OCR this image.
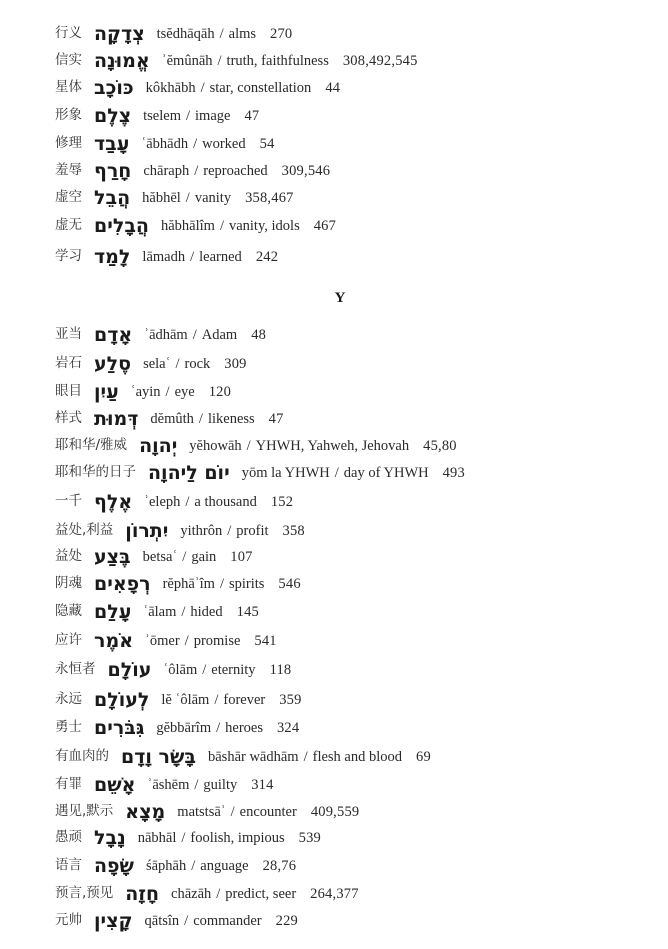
Y
行义 צְדָקָה tsĕdhāqāh / alms 270
信实 אֱמוּנָה ʾĕmûnāh / truth, faithfulness 308,492,545
星体 כּוֹכָב kôkhābh / star, constellation 44
形象 צֶלֶם tselem / image 47
修理 עָבַד ʿābhādh / worked 54
羞辱 חָרַף chāraph / reproached 309,546
虚空 הֲבֵל hăbhēl / vanity 358,467
虚无 הֲבָלִים hăbhālîm / vanity, idols 467
学习 לָמַד lāmadh / learned 242
亚当 אָדָם ʾādhām / Adam 48
岩石 סֶלַע selaʿ / rock 309
眼目 עַיִן ʿayin / eye 120
样式 דְּמוּת dĕmûth / likeness 47
耶和华/雅威 יְהוָה yĕhowāh / YHWH, Yahweh, Jehovah 45,80
耶和华的日子 יוֹם לַיהוָה yōm la YHWH / day of YHWH 493
一千 אֶלֶף ʾeleph / a thousand 152
益处,利益 יִתְרוֹן yithrôn / profit 358
益处 בֶּצַע betsaʿ / gain 107
阴魂 רְפָאִים rĕphāʾîm / spirits 546
隐藏 עָלַם ʿālam / hided 145
应许 אֹמֶר ʾōmer / promise 541
永恒者 עוֹלָם ʿôlām / eternity 118
永远 לְעוֹלָם lĕ ʿôlām / forever 359
勇士 גִּבֹּרִים gĕbbārîm / heroes 324
有血肉的 בָּשָׂר וָדָם bāshār wādhām / flesh and blood 69
有罪 אָשֵׁם ʾāshēm / guilty 314
遇见,默示 מָצָא matstsāʾ / encounter 409,559
愚顽 נָבָל nābhāl / foolish, impious 539
语言 שָׂפָה śāphāh / anguage 28,76
预言,预见 חָזָה chāzāh / predict, seer 264,377
元帅 קָצִין qātsîn / commander 229
